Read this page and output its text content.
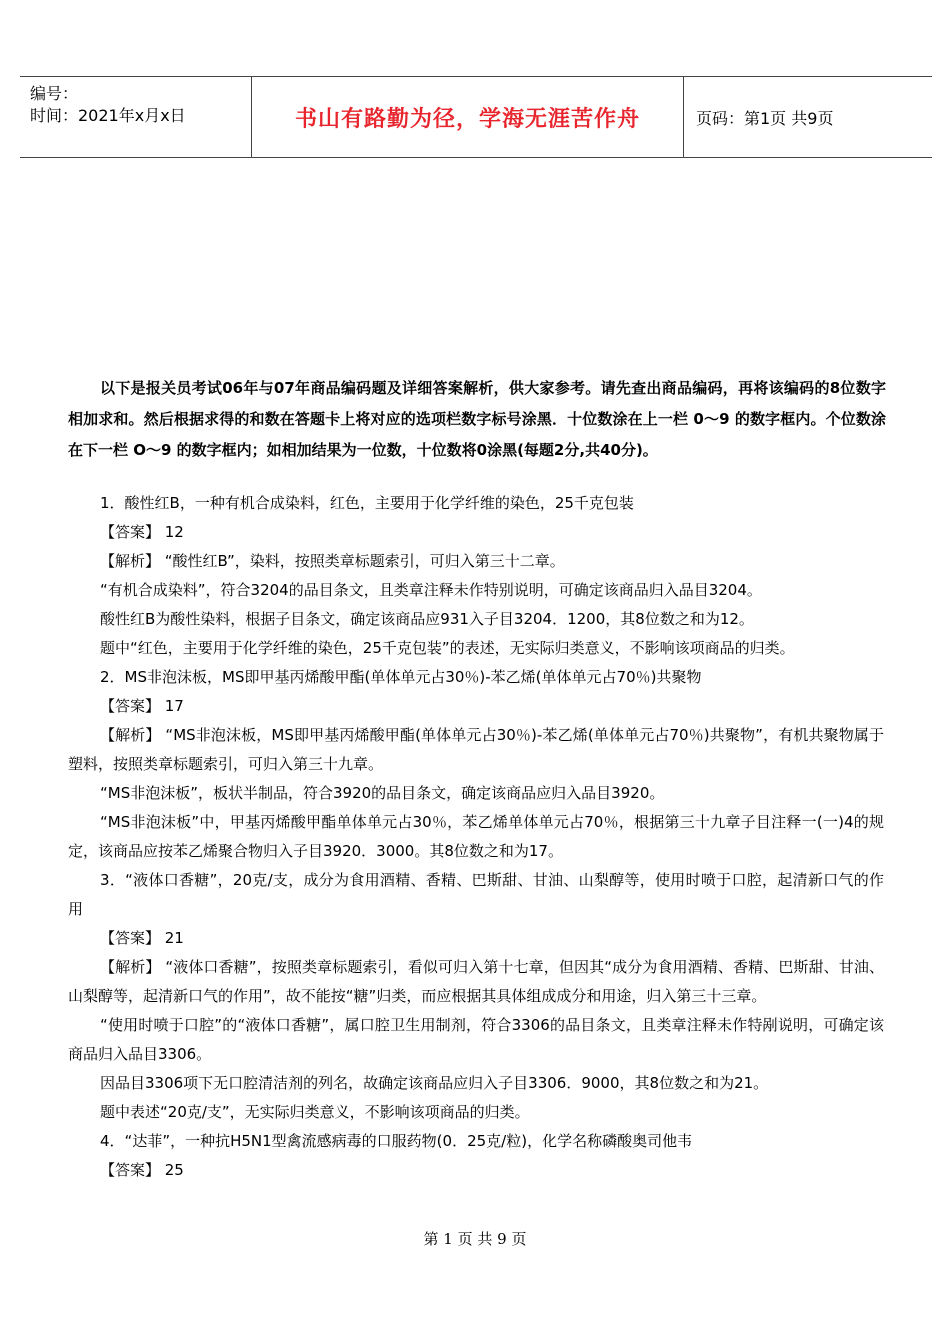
编号：
时间：2021年x月x日	书山有路勤为径，学海无涯苦作舟	页码：第1页 共9页
以下是报关员考试06年与07年商品编码题及详细答案解析，供大家参考。请先查出商品编码，再将该编码的8位数字相加求和。然后根据求得的和数在答题卡上将对应的选项栏数字标号涂黑．十位数涂在上一栏 0～9 的数字框内。个位数涂在下一栏 O～9 的数字框内；如相加结果为一位数，十位数将0涂黑(每题2分,共40分)。

1．酸性红B，一种有机合成染料，红色，主要用于化学纤维的染色，25千克包装

【答案】 12

【解析】 “酸性红B”，染料，按照类章标题索引，可归入第三十二章。

“有机合成染料”，符合3204的品目条文，且类章注释未作特别说明，可确定该商品归入品目3204。

酸性红B为酸性染料，根据子目条文，确定该商品应931入子目3204．1200，其8位数之和为12。

题中“红色，主要用于化学纤维的染色，25千克包装”的表述，无实际归类意义，不影响该项商品的归类。

2．MS非泡沫板，MS即甲基丙烯酸甲酯(单体单元占30％)-苯乙烯(单体单元占70％)共聚物

【答案】 17

【解析】 “MS非泡沫板，MS即甲基丙烯酸甲酯(单体单元占30％)-苯乙烯(单体单元占70％)共聚物”，有机共聚物属于塑料，按照类章标题索引，可归入第三十九章。

“MS非泡沫板”，板状半制品，符合3920的品目条文，确定该商品应归入品目3920。

“MS非泡沫板”中，甲基丙烯酸甲酯单体单元占30％，苯乙烯单体单元占70％，根据第三十九章子目注释一(一)4的规定，该商品应按苯乙烯聚合物归入子目3920．3000。其8位数之和为17。

3．“液体口香糖”，20克/支，成分为食用酒精、香精、巴斯甜、甘油、山梨醇等，使用时喷于口腔，起清新口气的作用

【答案】 21

【解析】 “液体口香糖”，按照类章标题索引，看似可归入第十七章，但因其“成分为食用酒精、香精、巴斯甜、甘油、山梨醇等，起清新口气的作用”，故不能按“糖”归类，而应根据其具体组成成分和用途，归入第三十三章。

“使用时喷于口腔”的“液体口香糖”，属口腔卫生用制剂，符合3306的品目条文，且类章注释未作特剐说明，可确定该商品归入品目3306。

因品目3306项下无口腔清洁剂的列名，故确定该商品应归入子目3306．9000，其8位数之和为21。

题中表述“20克/支”，无实际归类意义，不影响该项商品的归类。

4．“达菲”，一种抗H5N1型禽流感病毒的口服药物(0．25克/粒)，化学名称磷酸奥司他韦

【答案】 25

第 1 页 共 9 页
